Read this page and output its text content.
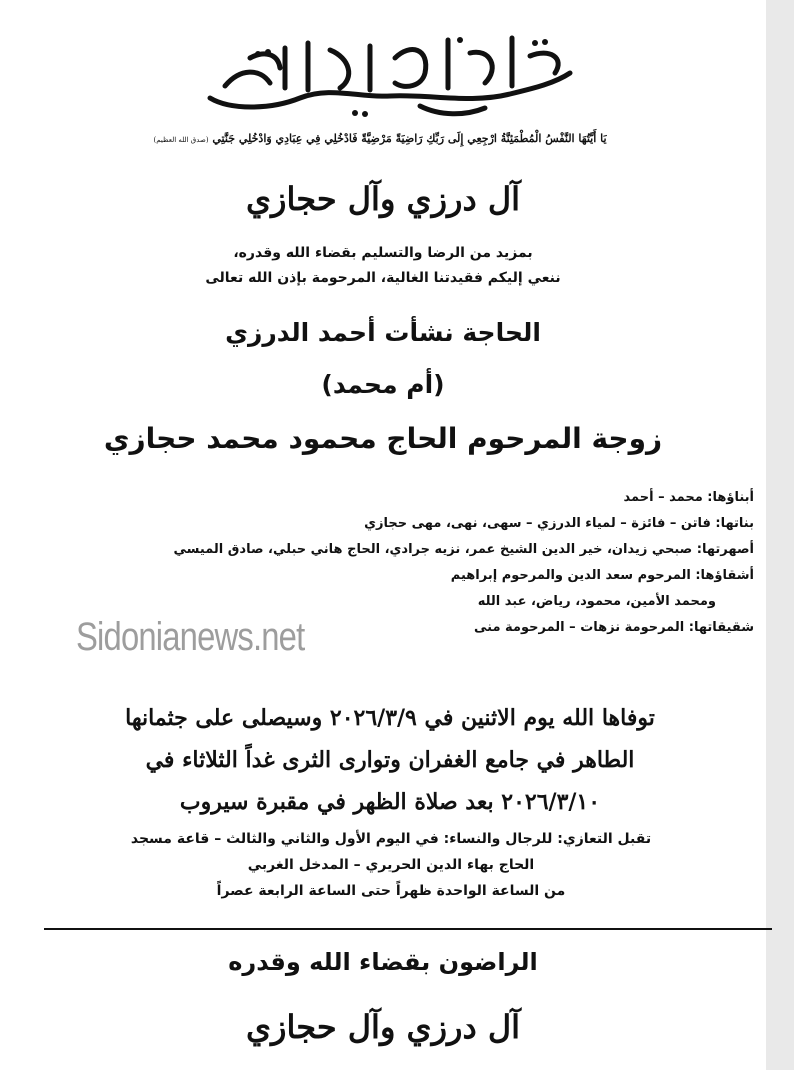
يَا أَيَّتُهَا النَّفْسُ الْمُطْمَئِنَّةُ ارْجِعِي إِلَى رَبِّكِ رَاضِيَةً مَرْضِيَّةً فَادْخُلِي فِي عِبَادِي وَادْخُلِي جَنَّتِي (صدق الله العظيم)
آل درزي وآل حجازي
بمزيد من الرضا والتسليم بقضاء الله وقدره،
ننعي إليكم فقيدتنا الغالية، المرحومة بإذن الله تعالى
الحاجة نشأت أحمد الدرزي
(أم محمد)
زوجة المرحوم الحاج محمود محمد حجازي
أبناؤها: محمد – أحمد
بناتها: فاتن – فائزة – لمياء الدرزي – سهى، نهى، مهى حجازي
أصهرتها: صبحي زيدان، خير الدين الشيخ عمر، نزيه جرادي، الحاج هاني حبلي، صادق الميسي
أشقاؤها: المرحوم سعد الدين والمرحوم إبراهيم
ومحمد الأمين، محمود، رياض، عبد الله
شقيقاتها: المرحومة نزهات – المرحومة منى
Sidonianews.net
توفاها الله يوم الاثنين في ٢٠٢٦/٣/٩ وسيصلى على جثمانها
الطاهر في جامع الغفران وتوارى الثرى غداً الثلاثاء في
٢٠٢٦/٣/١٠ بعد صلاة الظهر في مقبرة سيروب
تقبل التعازي: للرجال والنساء: في اليوم الأول والثاني والثالث – قاعة مسجد
الحاج بهاء الدين الحريري – المدخل الغربي
من الساعة الواحدة ظهراً حتى الساعة الرابعة عصراً
الراضون بقضاء الله وقدره
آل درزي وآل حجازي
